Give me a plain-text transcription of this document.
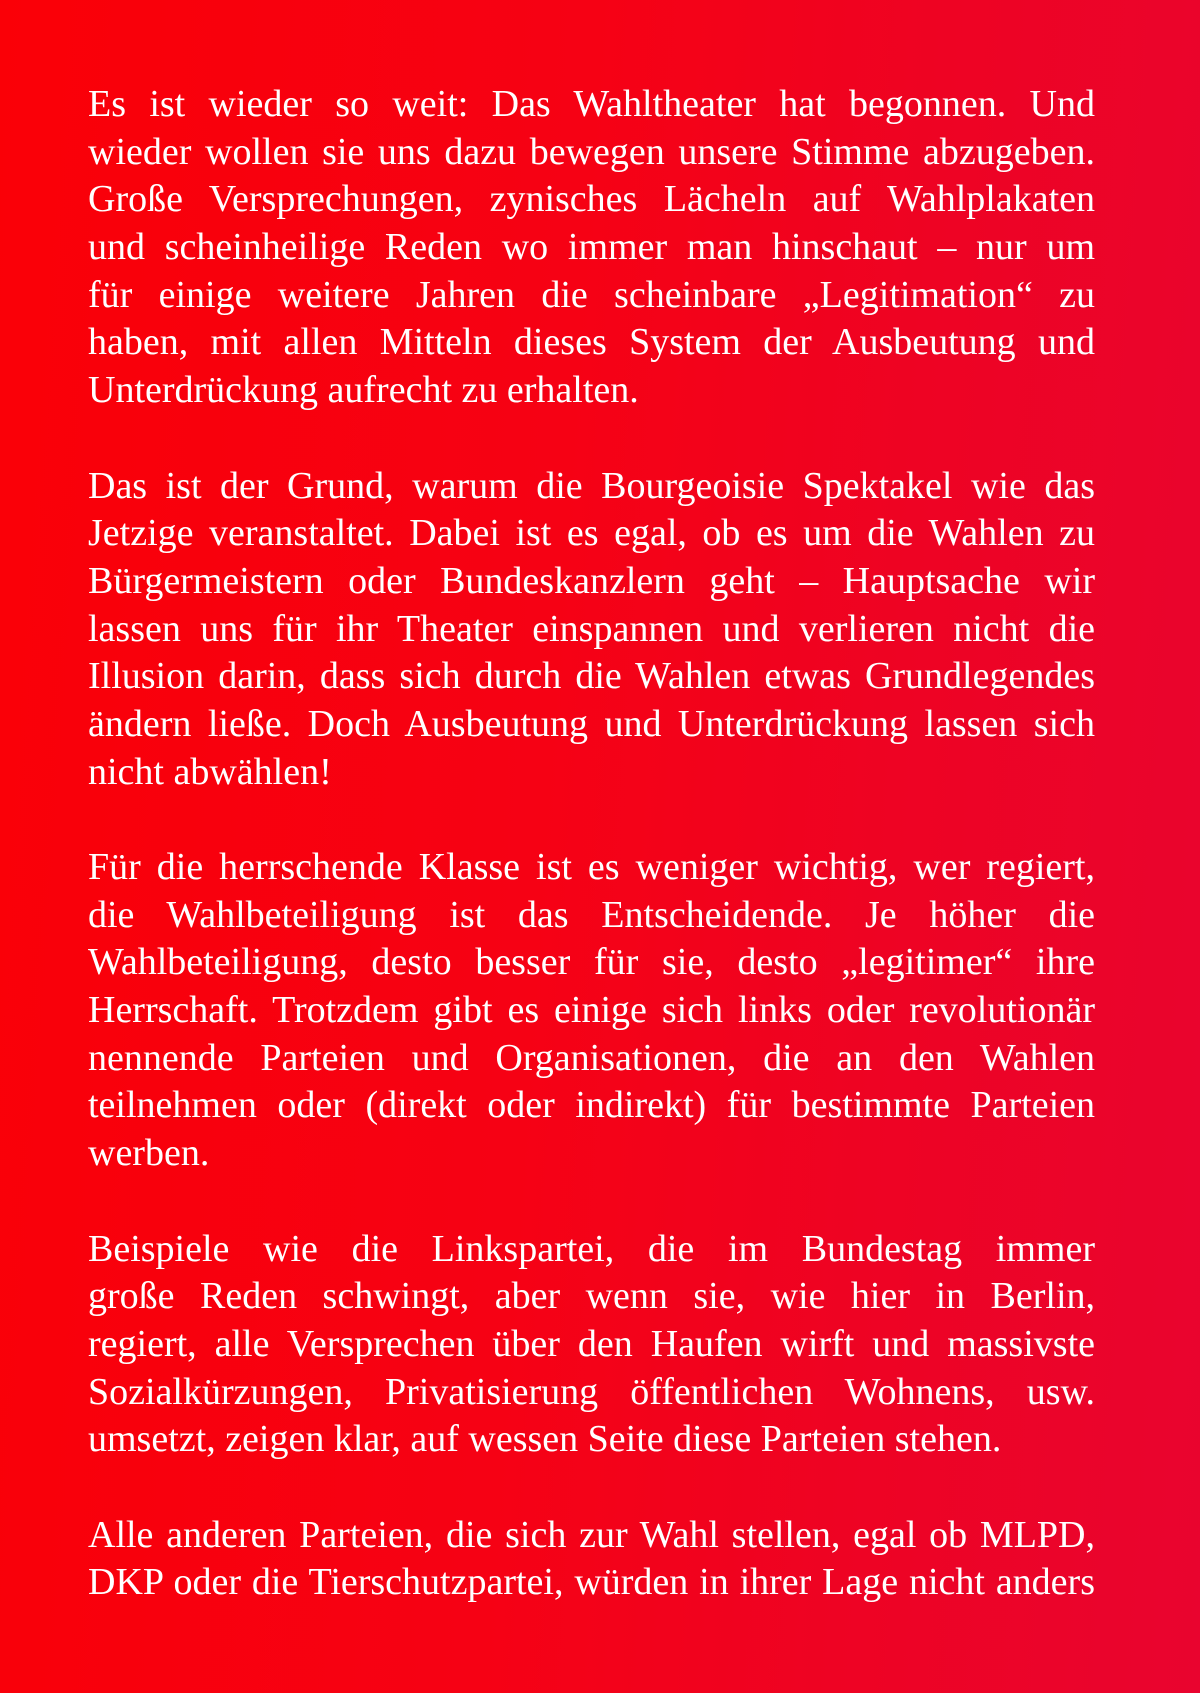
Es ist wieder so weit: Das Wahltheater hat begonnen. Und
wieder wollen sie uns dazu bewegen unsere Stimme abzugeben.
Große Versprechungen, zynisches Lächeln auf Wahlplakaten
und scheinheilige Reden wo immer man hinschaut – nur um
für einige weitere Jahren die scheinbare „Legitimation“ zu
haben, mit allen Mitteln dieses System der Ausbeutung und
Unterdrückung aufrecht zu erhalten.
Das ist der Grund, warum die Bourgeoisie Spektakel wie das
Jetzige veranstaltet. Dabei ist es egal, ob es um die Wahlen zu
Bürgermeistern oder Bundeskanzlern geht – Hauptsache wir
lassen uns für ihr Theater einspannen und verlieren nicht die
Illusion darin, dass sich durch die Wahlen etwas Grundlegendes
ändern ließe. Doch Ausbeutung und Unterdrückung lassen sich
nicht abwählen!
Für die herrschende Klasse ist es weniger wichtig, wer regiert,
die Wahlbeteiligung ist das Entscheidende. Je höher die
Wahlbeteiligung, desto besser für sie, desto „legitimer“ ihre
Herrschaft. Trotzdem gibt es einige sich links oder revolutionär
nennende Parteien und Organisationen, die an den Wahlen
teilnehmen oder (direkt oder indirekt) für bestimmte Parteien
werben.
Beispiele wie die Linkspartei, die im Bundestag immer
große Reden schwingt, aber wenn sie, wie hier in Berlin,
regiert, alle Versprechen über den Haufen wirft und massivste
Sozialkürzungen, Privatisierung öffentlichen Wohnens, usw.
umsetzt, zeigen klar, auf wessen Seite diese Parteien stehen.
Alle anderen Parteien, die sich zur Wahl stellen, egal ob MLPD,
DKP oder die Tierschutzpartei, würden in ihrer Lage nicht anders
